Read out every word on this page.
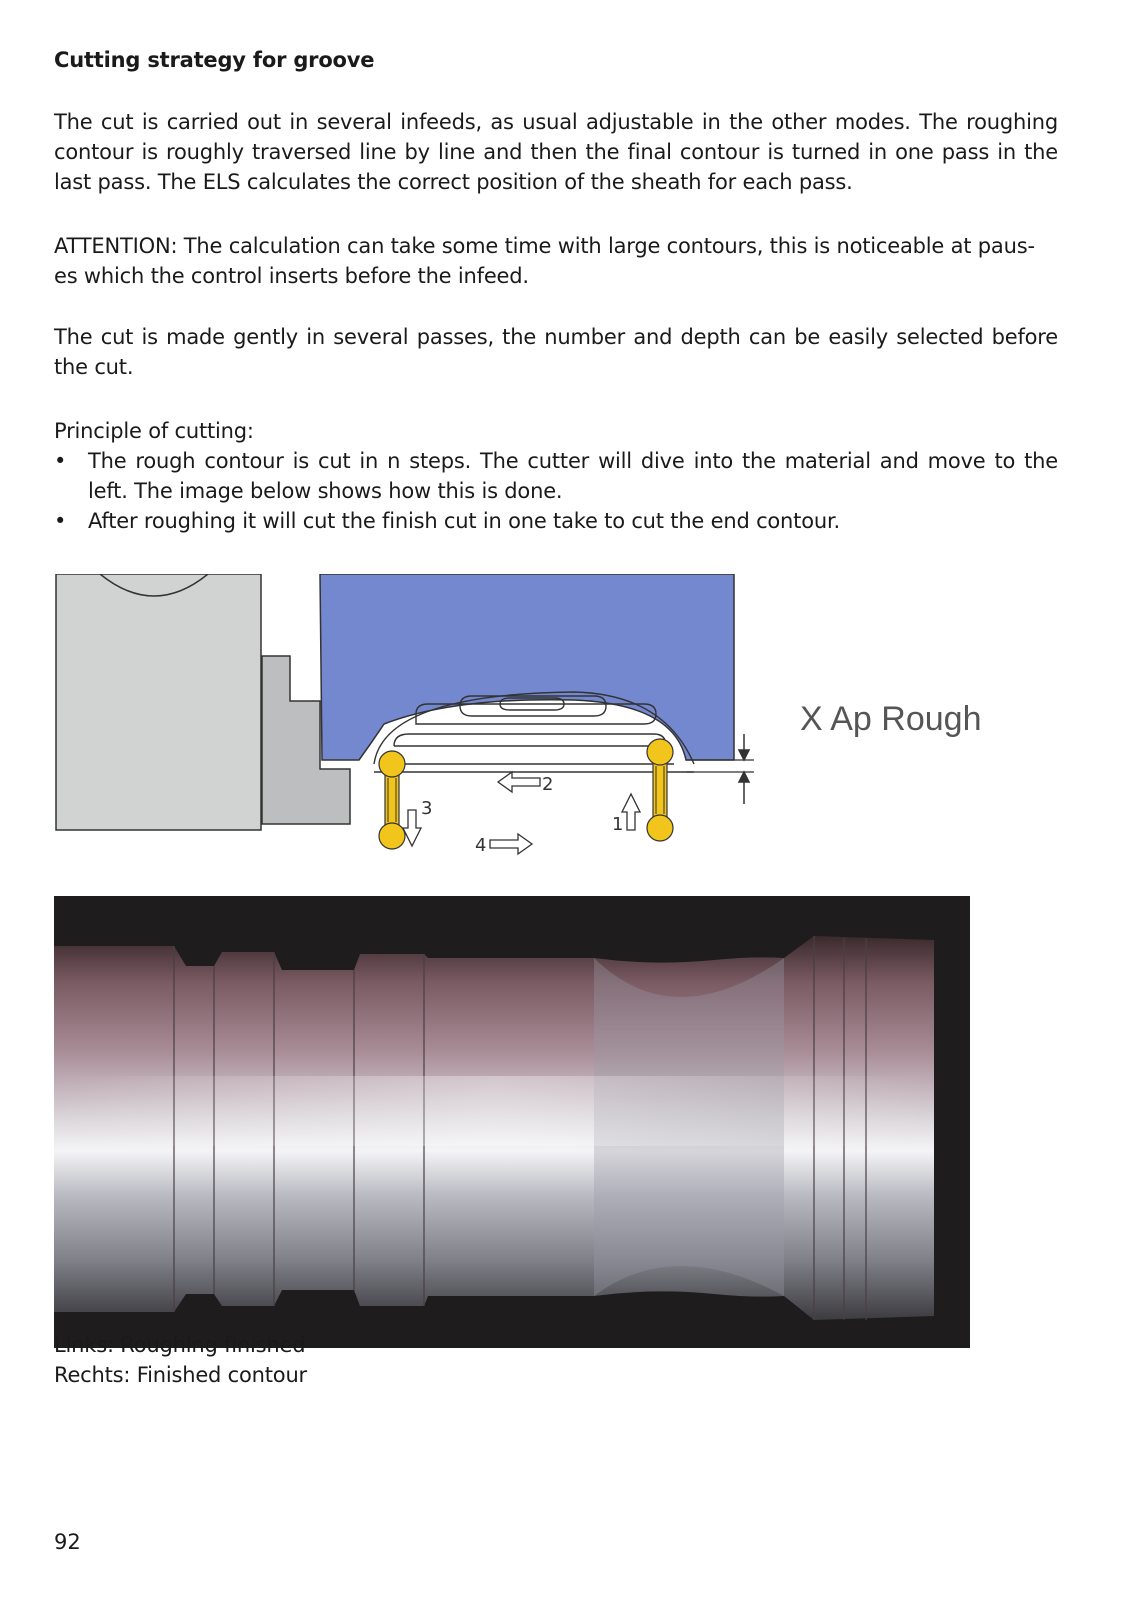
Cutting strategy for groove

The cut is carried out in several infeeds, as usual adjustable in the other modes. The roughing contour is roughly traversed line by line and then the final contour is turned in one pass in the last pass. The ELS calculates the correct position of the sheath for each pass.

ATTENTION: The calculation can take some time with large contours, this is noticeable at paus-
es which the control inserts before the infeed.

The cut is made gently in several passes, the number and depth can be easily selected before the cut.

Principle of cutting:

• The rough contour is cut in n steps. The cutter will dive into the material and move to the left. The image below shows how this is done.
• After roughing it will cut the finish cut in one take to cut the end contour.
X Ap Rough
2
3
1
4

Links: Roughing finished

Rechts: Finished contour

92
